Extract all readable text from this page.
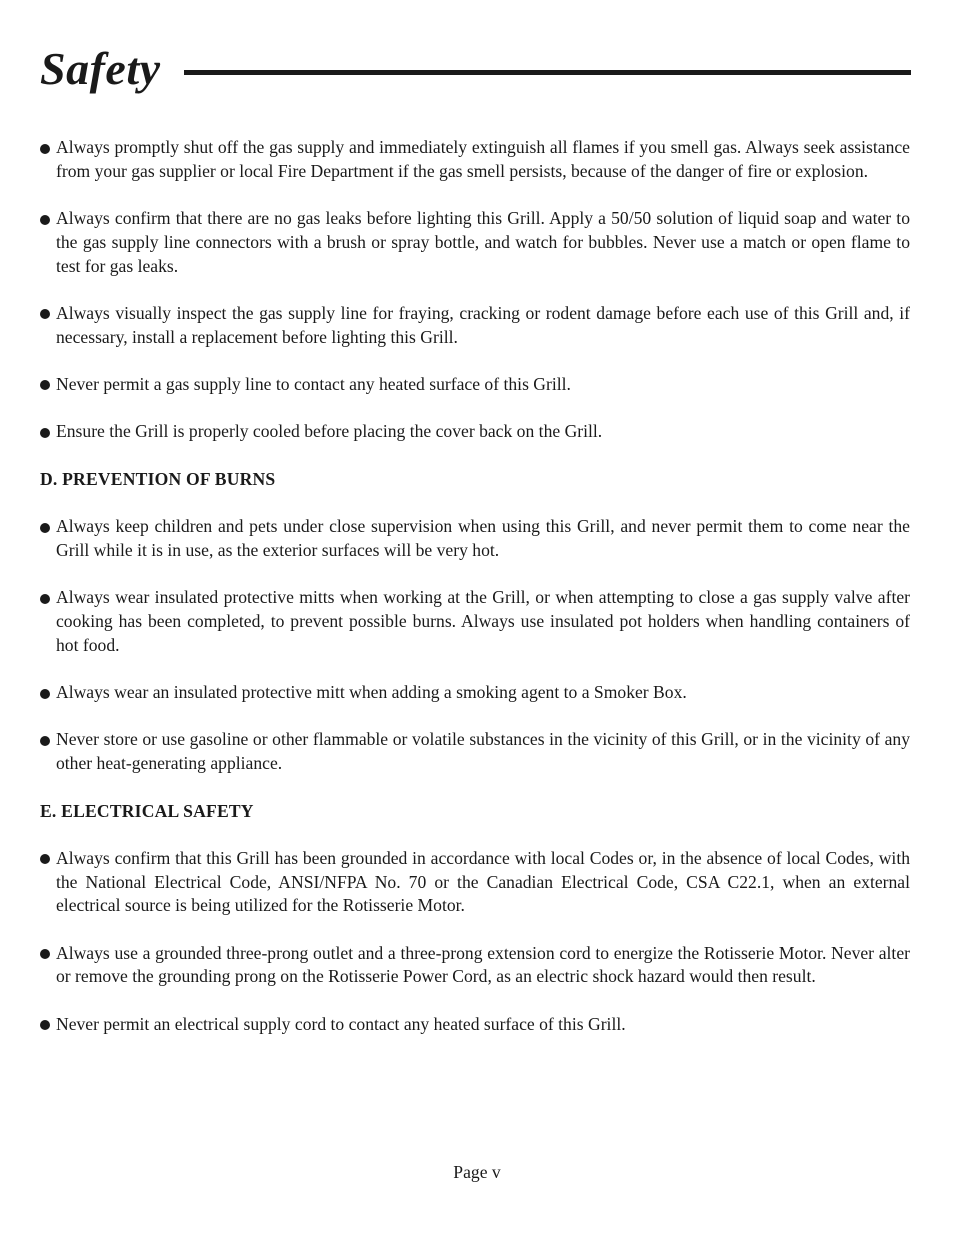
Safety
Always promptly shut off the gas supply and immediately extinguish all flames if you smell gas. Always seek assistance from your gas supplier or local Fire Department if the gas smell persists, because of the danger of fire or explosion.
Always confirm that there are no gas leaks before lighting this Grill. Apply a 50/50 solution of liquid soap and water to the gas supply line connectors with a brush or spray bottle, and watch for bubbles. Never use a match or open flame to test for gas leaks.
Always visually inspect the gas supply line for fraying, cracking or rodent damage before each use of this Grill and, if necessary, install a replacement before lighting this Grill.
Never permit a gas supply line to contact any heated surface of this Grill.
Ensure the Grill is properly cooled before placing the cover back on the Grill.
D. PREVENTION OF BURNS
Always keep children and pets under close supervision when using this Grill, and never permit them to come near the Grill while it is in use, as the exterior surfaces will be very hot.
Always wear insulated protective mitts when working at the Grill, or when attempting to close a gas supply valve after cooking has been completed, to prevent possible burns. Always use insulated pot holders when handling containers of hot food.
Always wear an insulated protective mitt when adding a smoking agent to a Smoker Box.
Never store or use gasoline or other flammable or volatile substances in the vicinity of this Grill, or in the vicinity of any other heat-generating appliance.
E. ELECTRICAL SAFETY
Always confirm that this Grill has been grounded in accordance with local Codes or, in the absence of local Codes, with the National Electrical Code, ANSI/NFPA No. 70 or the Canadian Electrical Code, CSA C22.1, when an external electrical source is being utilized for the Rotisserie Motor.
Always use a grounded three-prong outlet and a three-prong extension cord to energize the Rotisserie Motor. Never alter or remove the grounding prong on the Rotisserie Power Cord, as an electric shock hazard would then result.
Never permit an electrical supply cord to contact any heated surface of this Grill.
Page v
